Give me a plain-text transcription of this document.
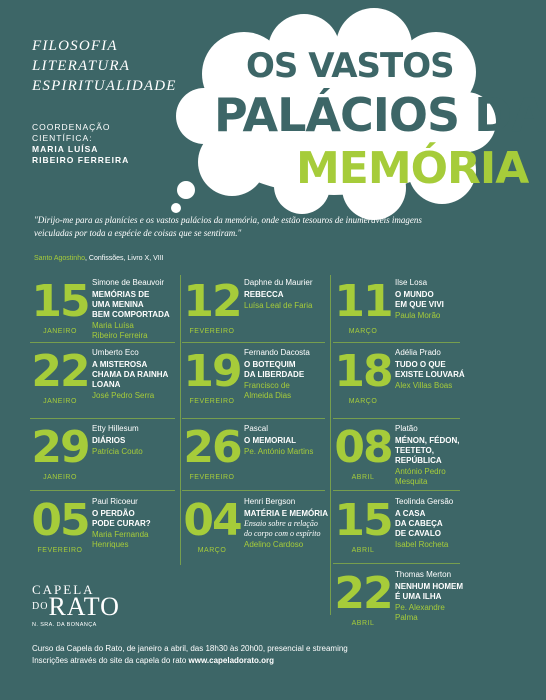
FILOSOFIA
LITERATURA
ESPIRITUALIDADE
COORDENAÇÃO
CIENTÍFICA:
MARIA LUÍSA
RIBEIRO FERREIRA
OS VASTOS
PALÁCIOS DA
MEMÓRIA
"Dirijo-me para as planícies e os vastos palácios da memória, onde estão tesouros de inumeráveis imagens veiculadas por toda a espécie de coisas que se sentiram."
Santo Agostinho, Confissões, Livro X, VIII
15
JANEIRO
Simone de Beauvoir
MEMÓRIAS DE
UMA MENINA
BEM COMPORTADA
Maria Luísa
Ribeiro Ferreira
22
JANEIRO
Umberto Eco
A MISTEROSA
CHAMA DA RAINHA
LOANA
José Pedro Serra
29
JANEIRO
Etty Hillesum
DIÁRIOS
Patrícia Couto
05
FEVEREIRO
Paul Ricoeur
O PERDÃO
PODE CURAR?
Maria Fernanda
Henriques
12
FEVEREIRO
Daphne du Maurier
REBECCA
Luísa Leal de Faria
19
FEVEREIRO
Fernando Dacosta
O BOTEQUIM
DA LIBERDADE
Francisco de
Almeida Dias
26
FEVEREIRO
Pascal
O MEMORIAL
Pe. António Martins
04
MARÇO
Henri Bergson
MATÉRIA E MEMÓRIA
Ensaio sobre a relação
do corpo com o espírito
Adelino Cardoso
11
MARÇO
Ilse Losa
O MUNDO
EM QUE VIVI
Paula Morão
18
MARÇO
Adélia Prado
TUDO O QUE
EXISTE LOUVARÁ
Alex Villas Boas
08
ABRIL
Platão
MÉNON, FÉDON,
TEETETO,
REPÚBLICA
António Pedro
Mesquita
15
ABRIL
Teolinda Gersão
A CASA
DA CABEÇA
DE CAVALO
Isabel Rocheta
22
ABRIL
Thomas Merton
NENHUM HOMEM
É UMA ILHA
Pe. Alexandre
Palma
CAPELA
$^{DO}$RATO
N. SRA. DA BONANÇA
Curso da Capela do Rato, de janeiro a abril, das 18h30 às 20h00, presencial e streaming
Inscrições através do site da capela do rato www.capeladorato.org
